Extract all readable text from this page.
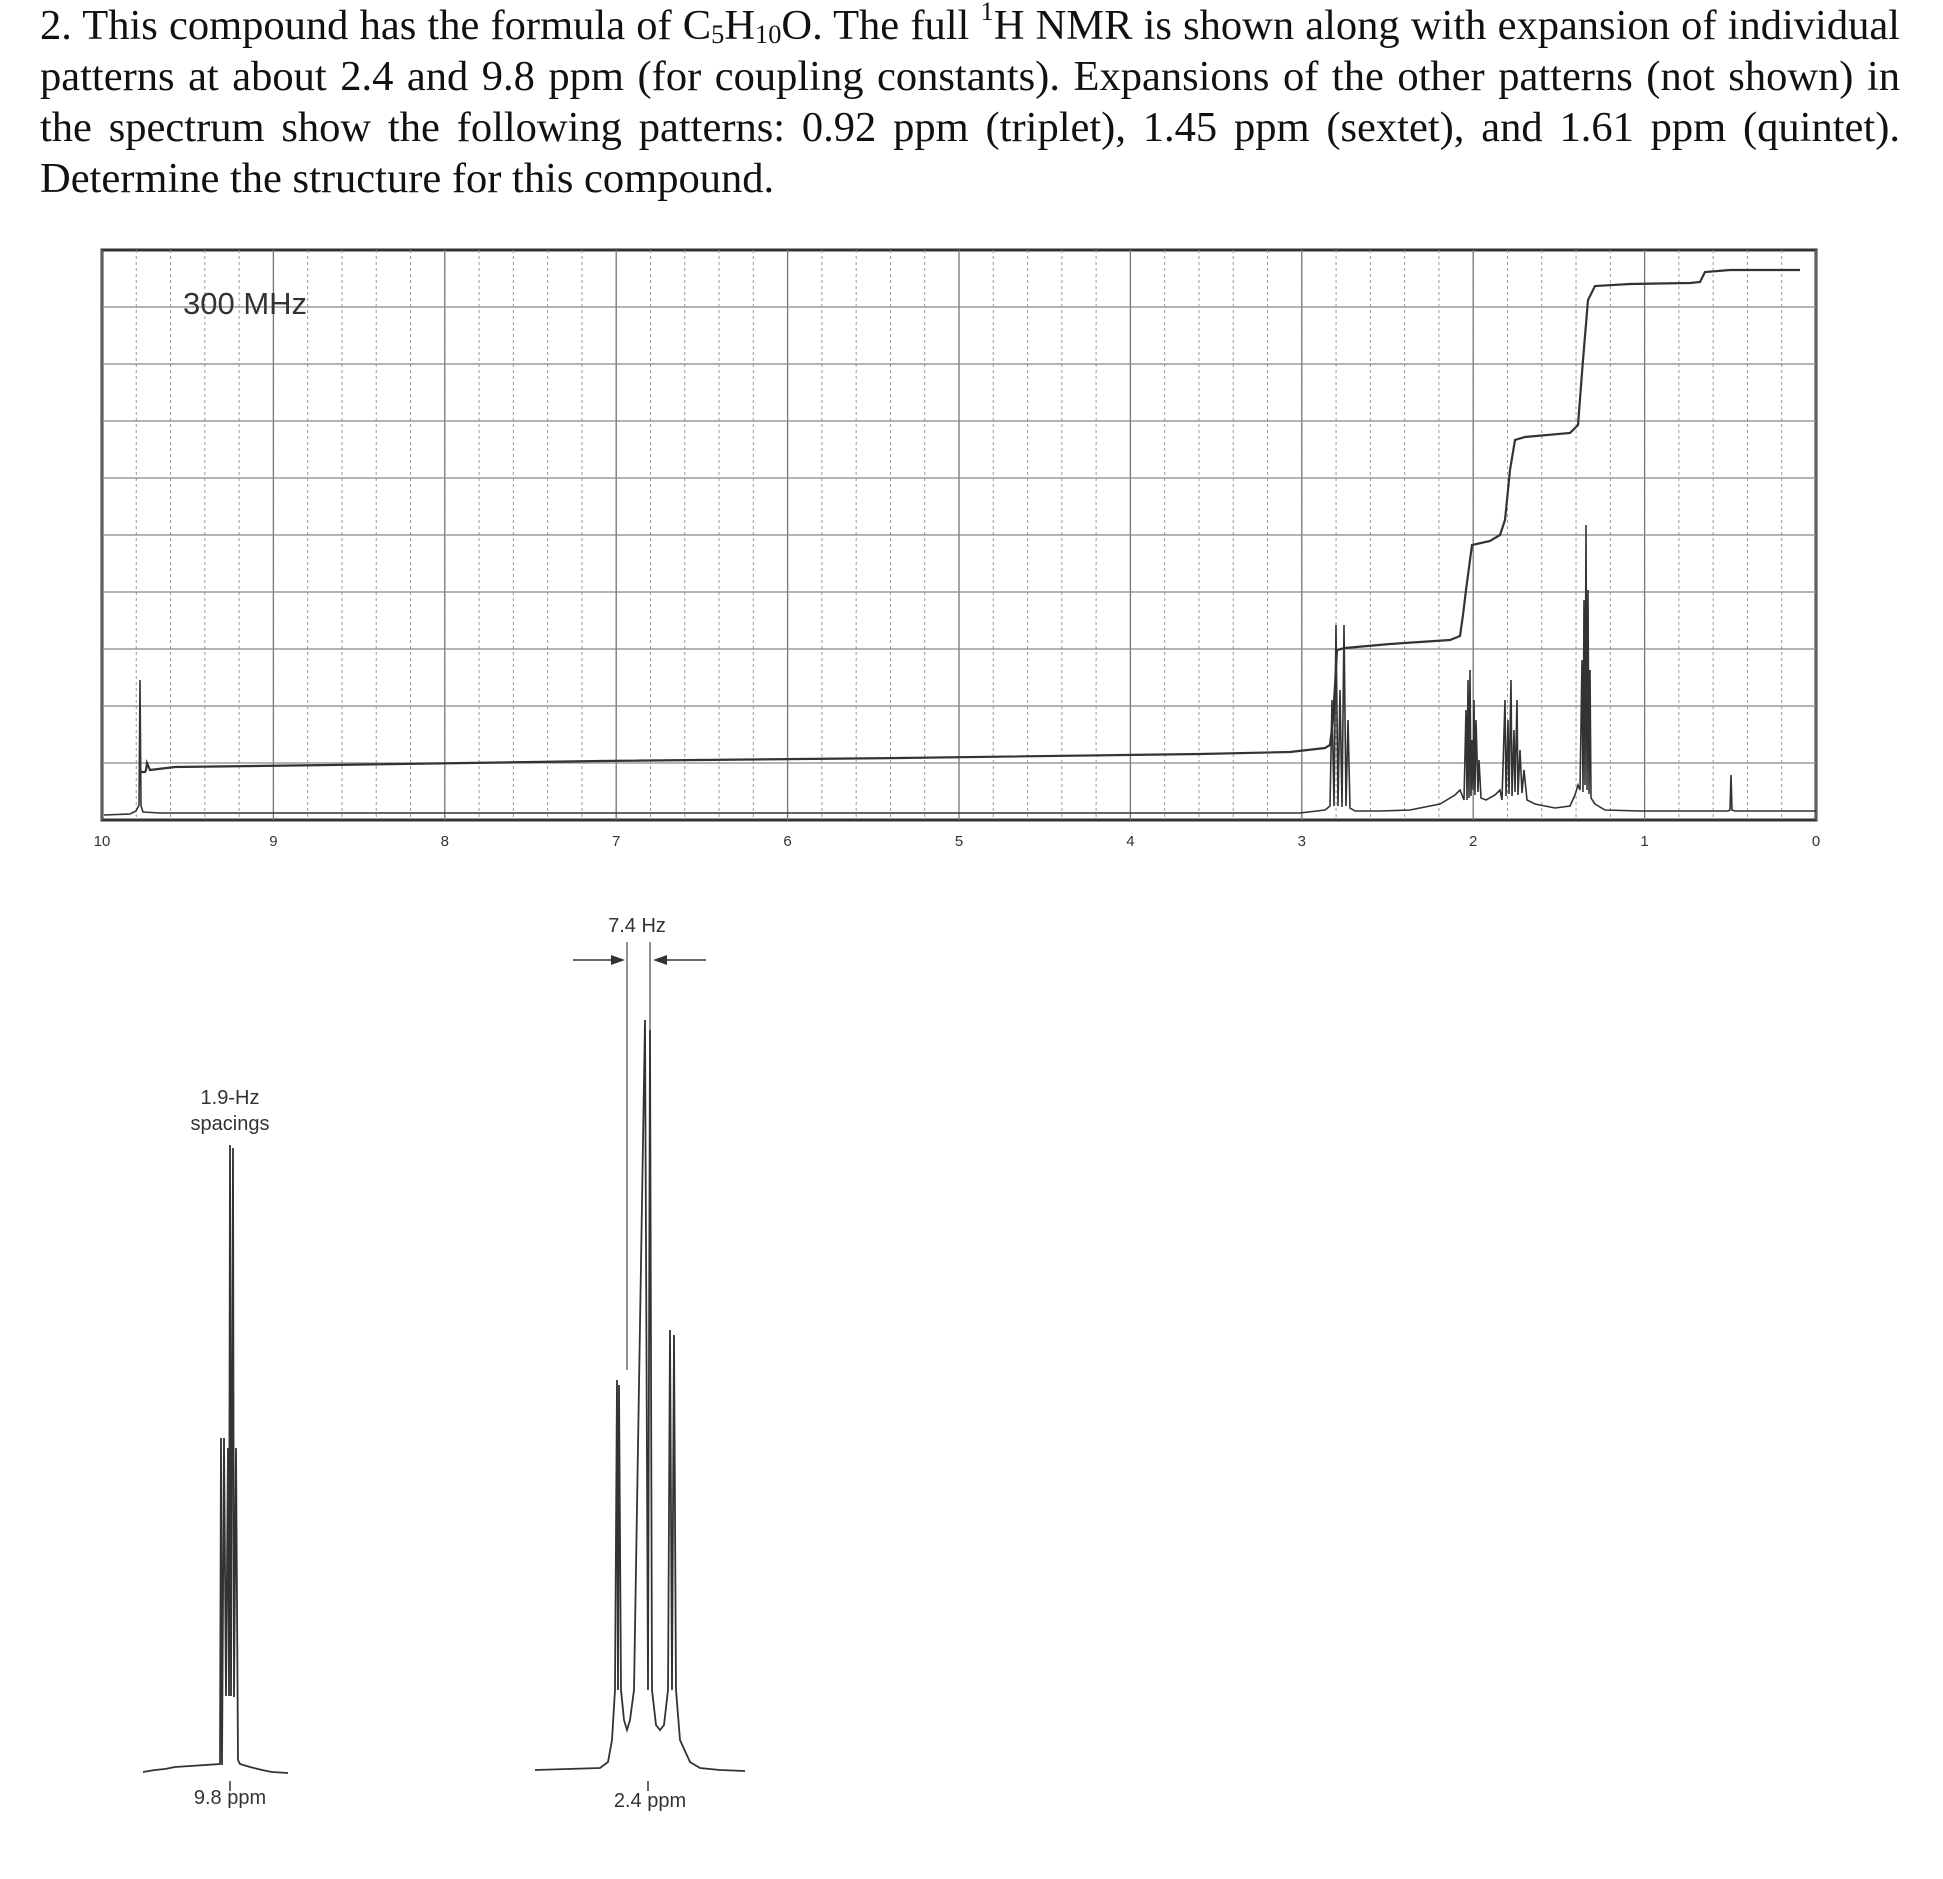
2. This compound has the formula of $C_5H_{10}O$. The full $^1$H NMR is shown along with expansion of individual patterns at about 2.4 and 9.8 ppm (for coupling constants). Expansions of the other patterns (not shown) in the spectrum show the following patterns: 0.92 ppm (triplet), 1.45 ppm (sextet), and 1.61 ppm (quintet). Determine the structure for this compound.

300 MHz
10	9	8	7	6	5	4	3	2	1	0
1.9-Hz
spacings
9.8 ppm
7.4 Hz
2.4 ppm
